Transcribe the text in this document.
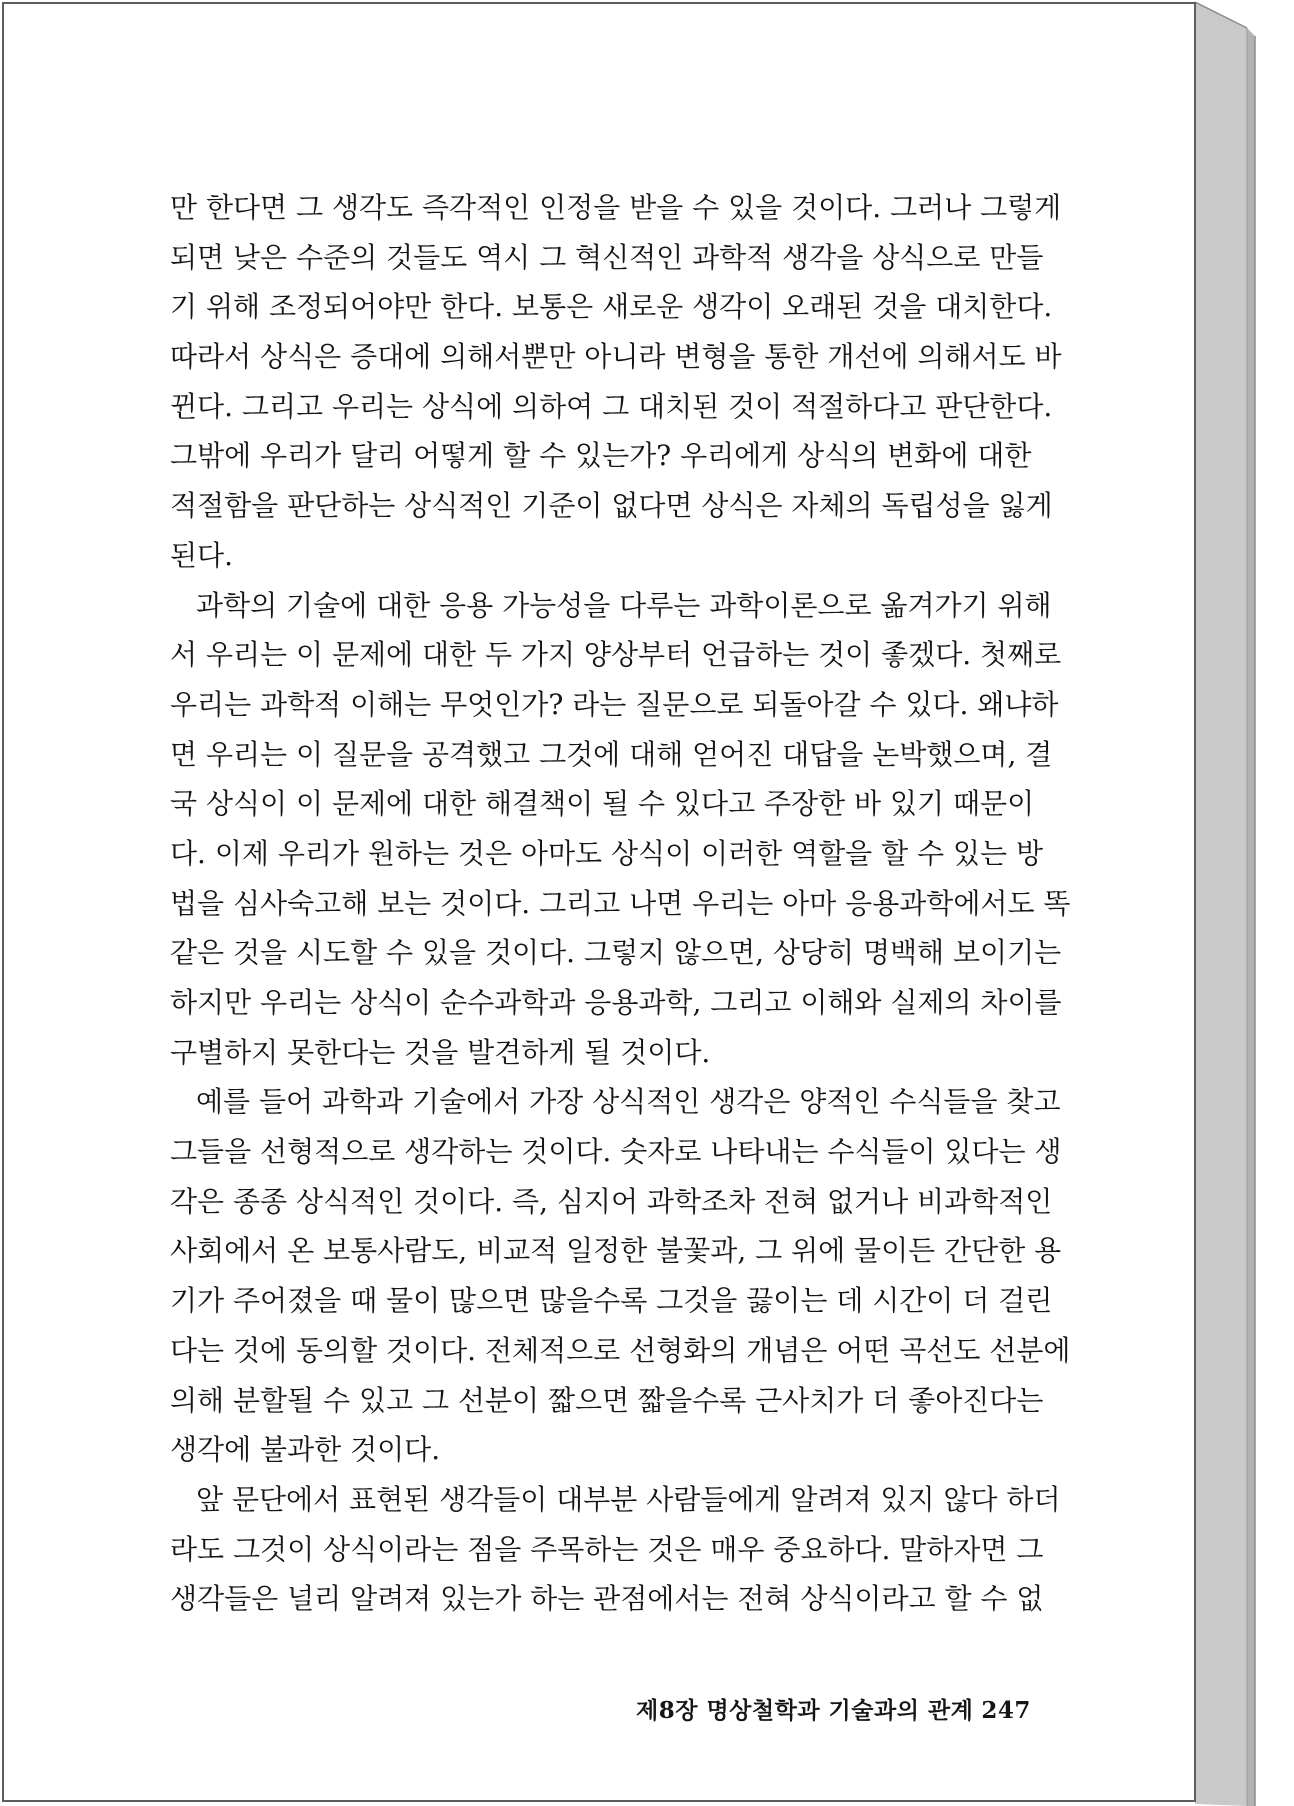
만 한다면 그 생각도 즉각적인 인정을 받을 수 있을 것이다. 그러나 그렇게
되면 낮은 수준의 것들도 역시 그 혁신적인 과학적 생각을 상식으로 만들
기 위해 조정되어야만 한다. 보통은 새로운 생각이 오래된 것을 대치한다.
따라서 상식은 증대에 의해서뿐만 아니라 변형을 통한 개선에 의해서도 바
뀐다. 그리고 우리는 상식에 의하여 그 대치된 것이 적절하다고 판단한다.
그밖에 우리가 달리 어떻게 할 수 있는가? 우리에게 상식의 변화에 대한
적절함을 판단하는 상식적인 기준이 없다면 상식은 자체의 독립성을 잃게
된다.
과학의 기술에 대한 응용 가능성을 다루는 과학이론으로 옮겨가기 위해
서 우리는 이 문제에 대한 두 가지 양상부터 언급하는 것이 좋겠다. 첫째로
우리는 과학적 이해는 무엇인가? 라는 질문으로 되돌아갈 수 있다. 왜냐하
면 우리는 이 질문을 공격했고 그것에 대해 얻어진 대답을 논박했으며, 결
국 상식이 이 문제에 대한 해결책이 될 수 있다고 주장한 바 있기 때문이
다. 이제 우리가 원하는 것은 아마도 상식이 이러한 역할을 할 수 있는 방
법을 심사숙고해 보는 것이다. 그리고 나면 우리는 아마 응용과학에서도 똑
같은 것을 시도할 수 있을 것이다. 그렇지 않으면, 상당히 명백해 보이기는
하지만 우리는 상식이 순수과학과 응용과학, 그리고 이해와 실제의 차이를
구별하지 못한다는 것을 발견하게 될 것이다.
예를 들어 과학과 기술에서 가장 상식적인 생각은 양적인 수식들을 찾고
그들을 선형적으로 생각하는 것이다. 숫자로 나타내는 수식들이 있다는 생
각은 종종 상식적인 것이다. 즉, 심지어 과학조차 전혀 없거나 비과학적인
사회에서 온 보통사람도, 비교적 일정한 불꽃과, 그 위에 물이든 간단한 용
기가 주어졌을 때 물이 많으면 많을수록 그것을 끓이는 데 시간이 더 걸린
다는 것에 동의할 것이다. 전체적으로 선형화의 개념은 어떤 곡선도 선분에
의해 분할될 수 있고 그 선분이 짧으면 짧을수록 근사치가 더 좋아진다는
생각에 불과한 것이다.
앞 문단에서 표현된 생각들이 대부분 사람들에게 알려져 있지 않다 하더
라도 그것이 상식이라는 점을 주목하는 것은 매우 중요하다. 말하자면 그
생각들은 널리 알려져 있는가 하는 관점에서는 전혀 상식이라고 할 수 없
제8장 명상철학과 기술과의 관계 247
